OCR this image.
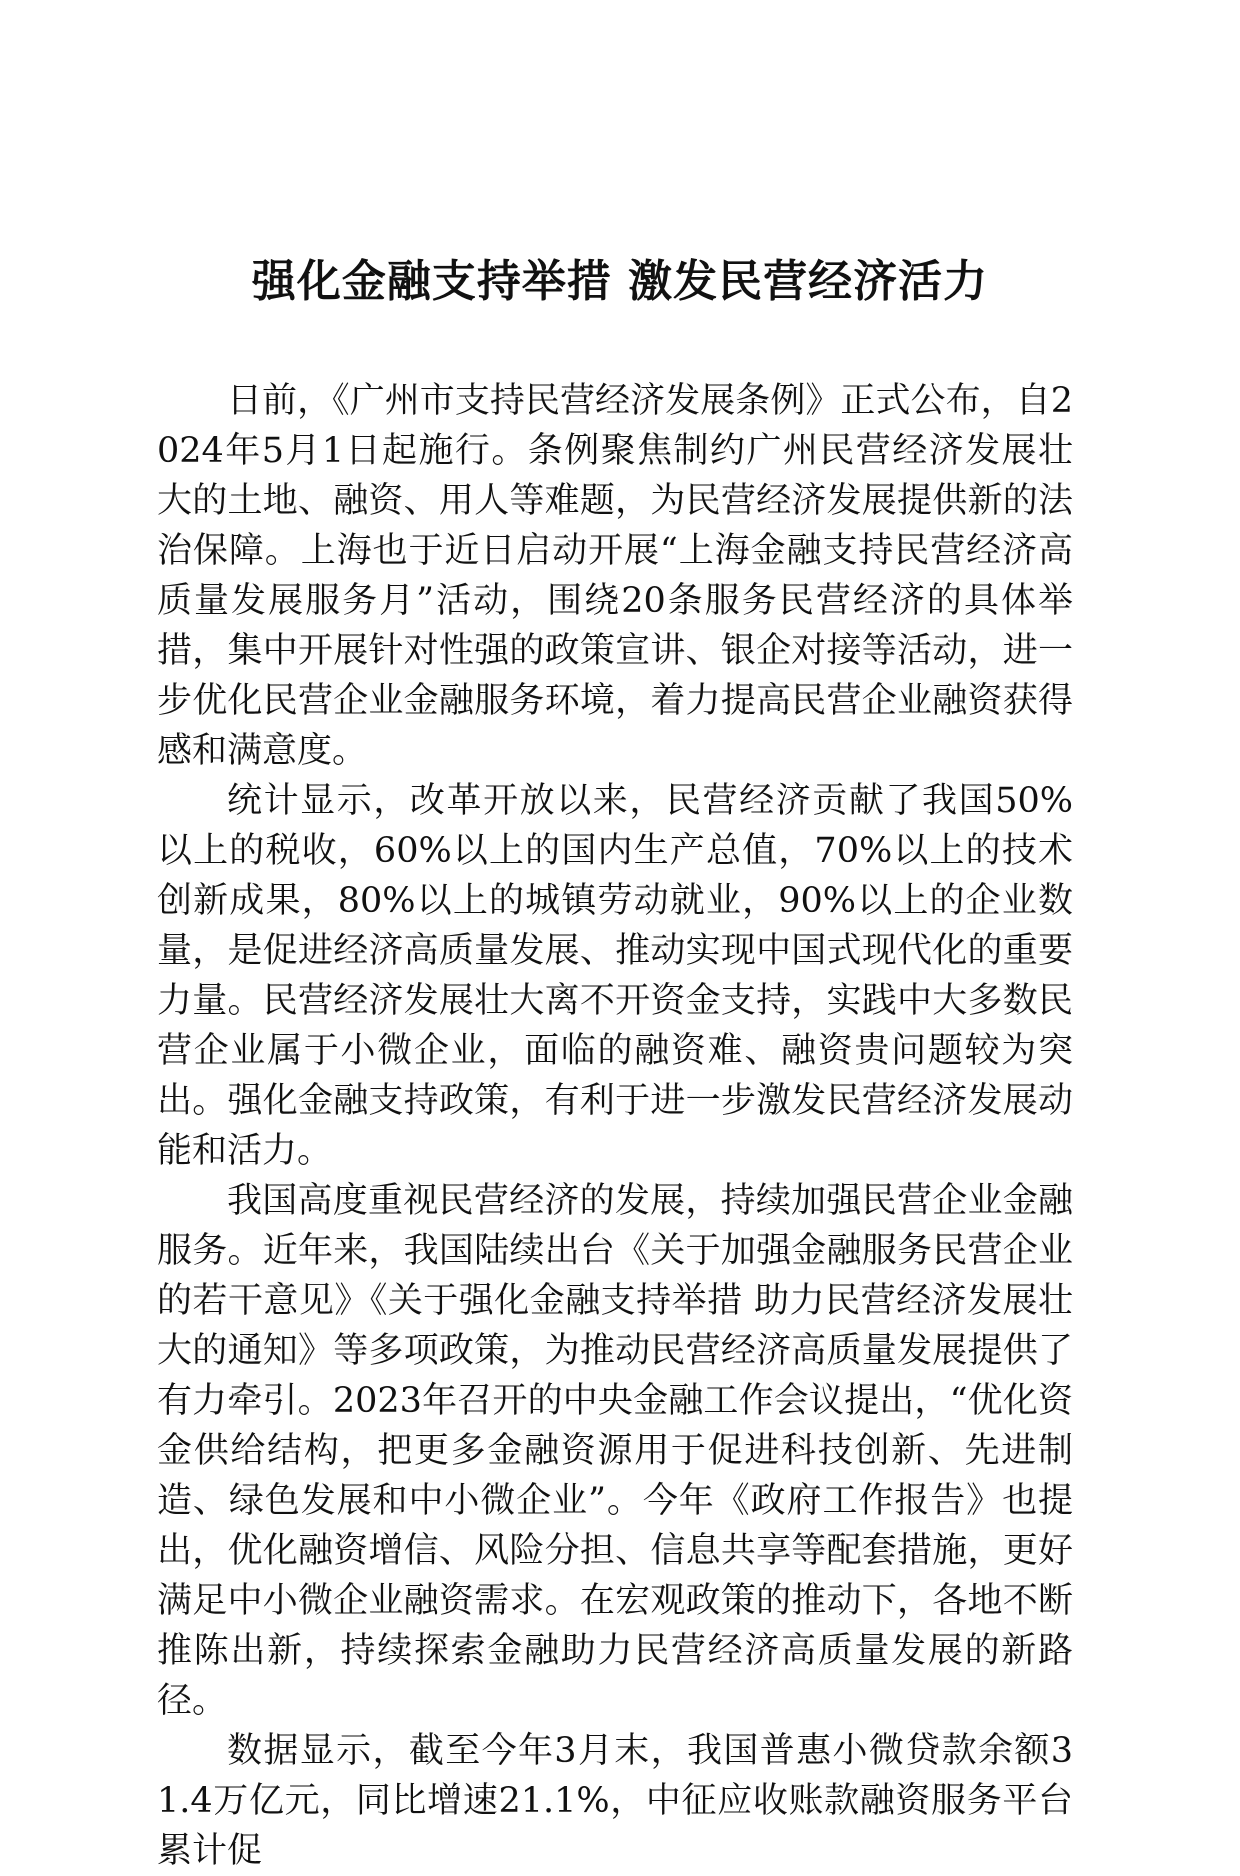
强化金融支持举措 激发民营经济活力

日前，《广州市支持民营经济发展条例》正式公布，自2024年5月1日起施行。条例聚焦制约广州民营经济发展壮大的土地、融资、用人等难题，为民营经济发展提供新的法治保障。上海也于近日启动开展“上海金融支持民营经济高质量发展服务月”活动，围绕20条服务民营经济的具体举措，集中开展针对性强的政策宣讲、银企对接等活动，进一步优化民营企业金融服务环境，着力提高民营企业融资获得感和满意度。

统计显示，改革开放以来，民营经济贡献了我国50%以上的税收，60%以上的国内生产总值，70%以上的技术创新成果，80%以上的城镇劳动就业，90%以上的企业数量，是促进经济高质量发展、推动实现中国式现代化的重要力量。民营经济发展壮大离不开资金支持，实践中大多数民营企业属于小微企业，面临的融资难、融资贵问题较为突出。强化金融支持政策，有利于进一步激发民营经济发展动能和活力。

我国高度重视民营经济的发展，持续加强民营企业金融服务。近年来，我国陆续出台《关于加强金融服务民营企业的若干意见》《关于强化金融支持举措 助力民营经济发展壮大的通知》等多项政策，为推动民营经济高质量发展提供了有力牵引。2023年召开的中央金融工作会议提出，“优化资金供给结构，把更多金融资源用于促进科技创新、先进制造、绿色发展和中小微企业”。今年《政府工作报告》也提出，优化融资增信、风险分担、信息共享等配套措施，更好满足中小微企业融资需求。在宏观政策的推动下，各地不断推陈出新，持续探索金融助力民营经济高质量发展的新路径。

数据显示，截至今年3月末，我国普惠小微贷款余额31.4万亿元，同比增速21.1%，中征应收账款融资服务平台累计促
